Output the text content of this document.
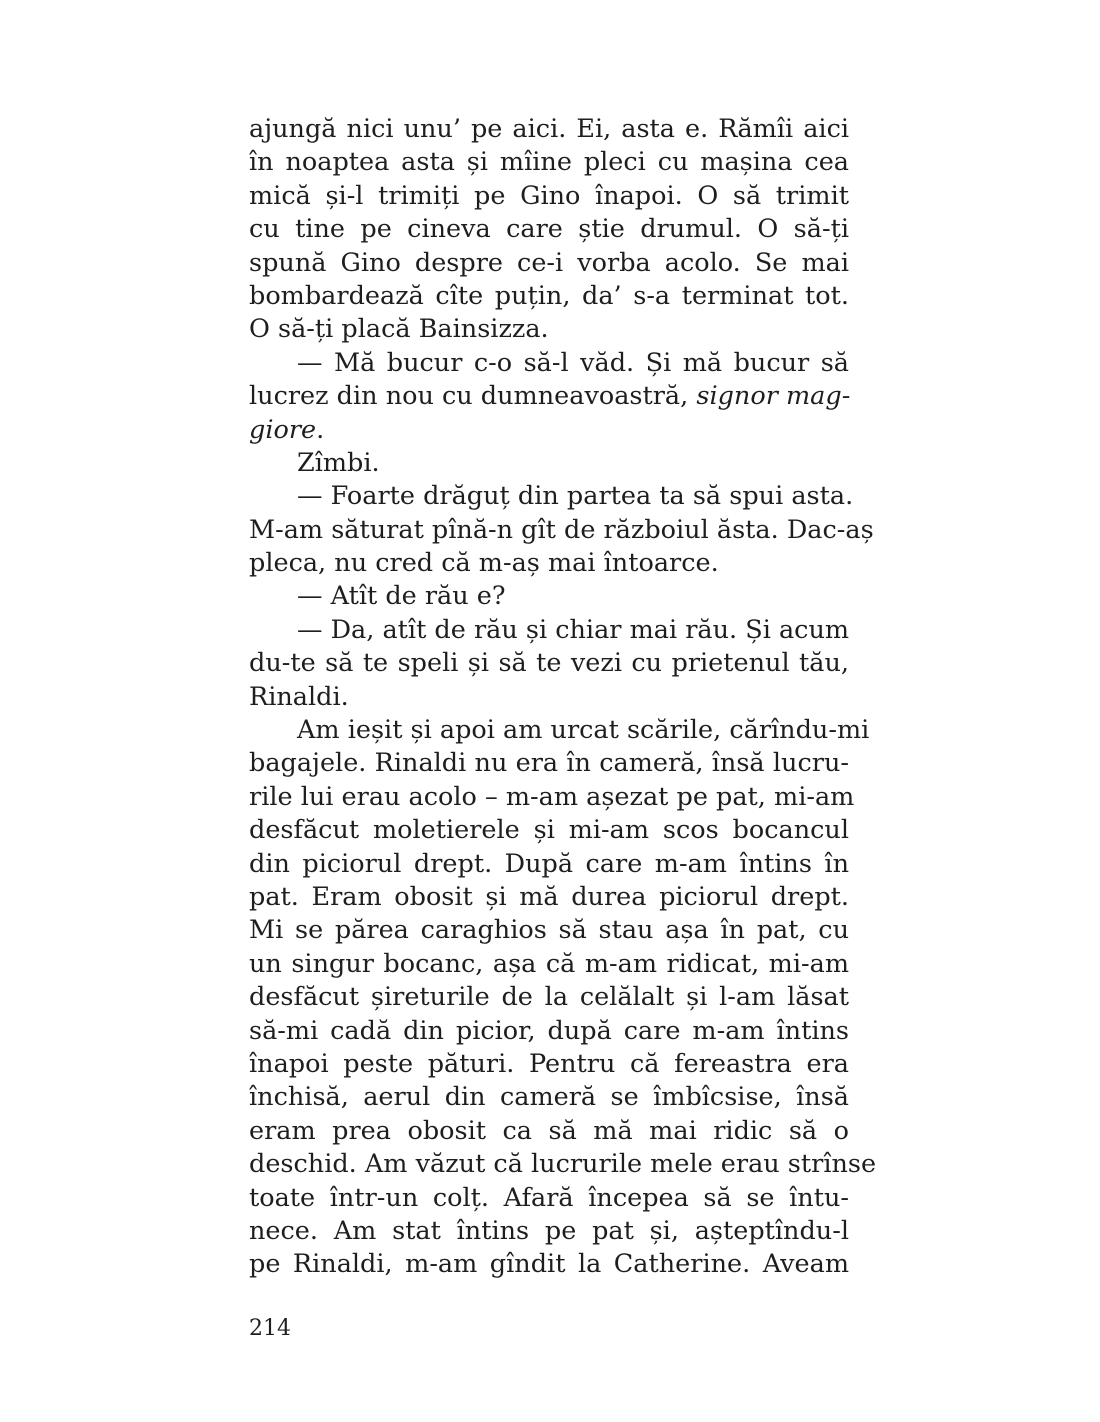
ajungă nici unu’ pe aici. Ei, asta e. Rămîi aici
în noaptea asta și mîine pleci cu mașina cea
mică și-l trimiți pe Gino înapoi. O să trimit
cu tine pe cineva care știe drumul. O să-ți
spună Gino despre ce-i vorba acolo. Se mai
bombardează cîte puțin, da’ s-a terminat tot.
O să-ți placă Bainsizza.
— Mă bucur c-o să-l văd. Și mă bucur să
lucrez din nou cu dumneavoastră, signor mag-
giore.
Zîmbi.
— Foarte drăguț din partea ta să spui asta.
M-am săturat pînă-n gît de războiul ăsta. Dac-aș
pleca, nu cred că m-aș mai întoarce.
— Atît de rău e?
— Da, atît de rău și chiar mai rău. Și acum
du-te să te speli și să te vezi cu prietenul tău,
Rinaldi.
Am ieșit și apoi am urcat scările, cărîndu-mi
bagajele. Rinaldi nu era în cameră, însă lucru-
rile lui erau acolo – m-am așezat pe pat, mi-am
desfăcut moletierele și mi-am scos bocancul
din piciorul drept. După care m-am întins în
pat. Eram obosit și mă durea piciorul drept.
Mi se părea caraghios să stau așa în pat, cu
un singur bocanc, așa că m-am ridicat, mi-am
desfăcut șireturile de la celălalt și l-am lăsat
să-mi cadă din picior, după care m-am întins
înapoi peste pături. Pentru că fereastra era
închisă, aerul din cameră se îmbîcsise, însă
eram prea obosit ca să mă mai ridic să o
deschid. Am văzut că lucrurile mele erau strînse
toate într-un colț. Afară începea să se întu-
nece. Am stat întins pe pat și, așteptîndu-l
pe Rinaldi, m-am gîndit la Catherine. Aveam
214
